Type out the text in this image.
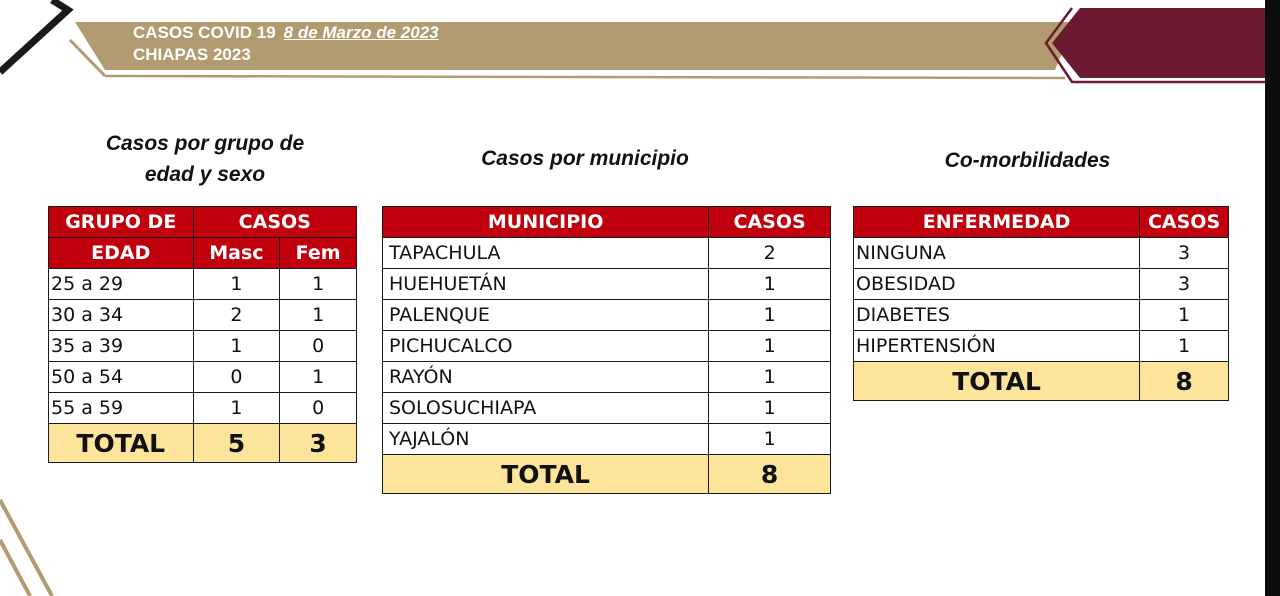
CASOS COVID 19 8 de Marzo de 2023
CHIAPAS 2023
Casos por grupo de
edad y sexo
Casos por municipio	Co-morbilidades
GRUPO DE	CASOS	
EDAD	Masc	Fem
25 a 29	1	1
30 a 34	2	1
35 a 39	1	0
50 a 54	0	1
55 a 59	1	0
TOTAL	5	3
MUNICIPIO	CASOS
TAPACHULA	2
HUEHUETÁN	1
PALENQUE	1
PICHUCALCO	1
RAYÓN	1
SOLOSUCHIAPA	1
YAJALÓN	1
TOTAL	8
ENFERMEDAD	CASOS
NINGUNA	3
OBESIDAD	3
DIABETES	1
HIPERTENSIÓN	1
TOTAL	8
